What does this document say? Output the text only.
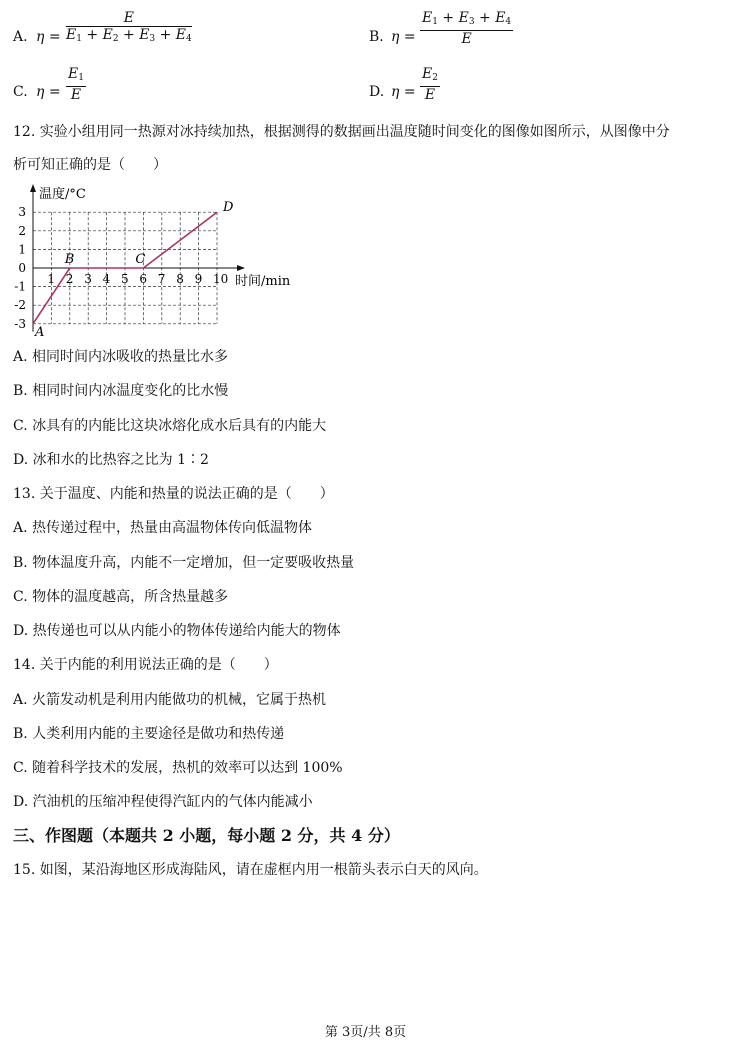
A. η =
E
$E_1 + E_2 + E_3 + E_4$	B. η =
$E_1 + E_3 + E_4$
E
C. η =
$E_1$
E	D. η =
$E_2$
E
12. 实验小组用同一热源对冰持续加热，根据测得的数据画出温度随时间变化的图像如图所示，从图像中分
析可知正确的是（　　）
1 2 3 4 5 6 7 8 9 10
3
2
1
0
-1
-2
-3
温度/°C
时间/min
A
B	C
D
A. 相同时间内冰吸收的热量比水多
B. 相同时间内冰温度变化的比水慢
C. 冰具有的内能比这块冰熔化成水后具有的内能大
D. 冰和水的比热容之比为 1∶2
13. 关于温度、内能和热量的说法正确的是（　　）
A. 热传递过程中，热量由高温物体传向低温物体
B. 物体温度升高，内能不一定增加，但一定要吸收热量
C. 物体的温度越高，所含热量越多
D. 热传递也可以从内能小的物体传递给内能大的物体
14. 关于内能的利用说法正确的是（　　）
A. 火箭发动机是利用内能做功的机械，它属于热机
B. 人类利用内能的主要途径是做功和热传递
C. 随着科学技术的发展，热机的效率可以达到 100%
D. 汽油机的压缩冲程使得汽缸内的气体内能减小
三、作图题（本题共 2 小题，每小题 2 分，共 4 分）
15. 如图，某沿海地区形成海陆风，请在虚框内用一根箭头表示白天的风向。
第 3页/共 8页
